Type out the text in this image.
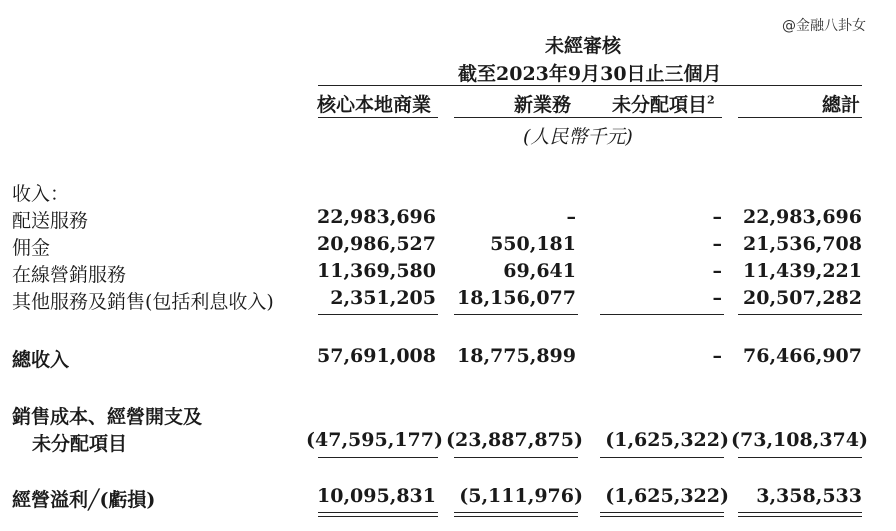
@金融八卦女
未經審核
截至2023年9月30日止三個月
核心本地商業	新業務 未分配項目$^2$	總計
(人民幣千元)
收入：
配送服務	22,983,696	–	– 22,983,696
佣金	20,986,527	550,181	– 21,536,708
在線營銷服務	11,369,580	69,641	– 11,439,221
其他服務及銷售(包括利息收入)	2,351,205 18,156,077	– 20,507,282
總收入	57,691,008 18,775,899	– 76,466,907
銷售成本、經營開支及
未分配項目	(47,595,177) (23,887,875) (1,625,322) (73,108,374)
經營溢利╱(虧損)	10,095,831 (5,111,976) (1,625,322) 3,358,533
